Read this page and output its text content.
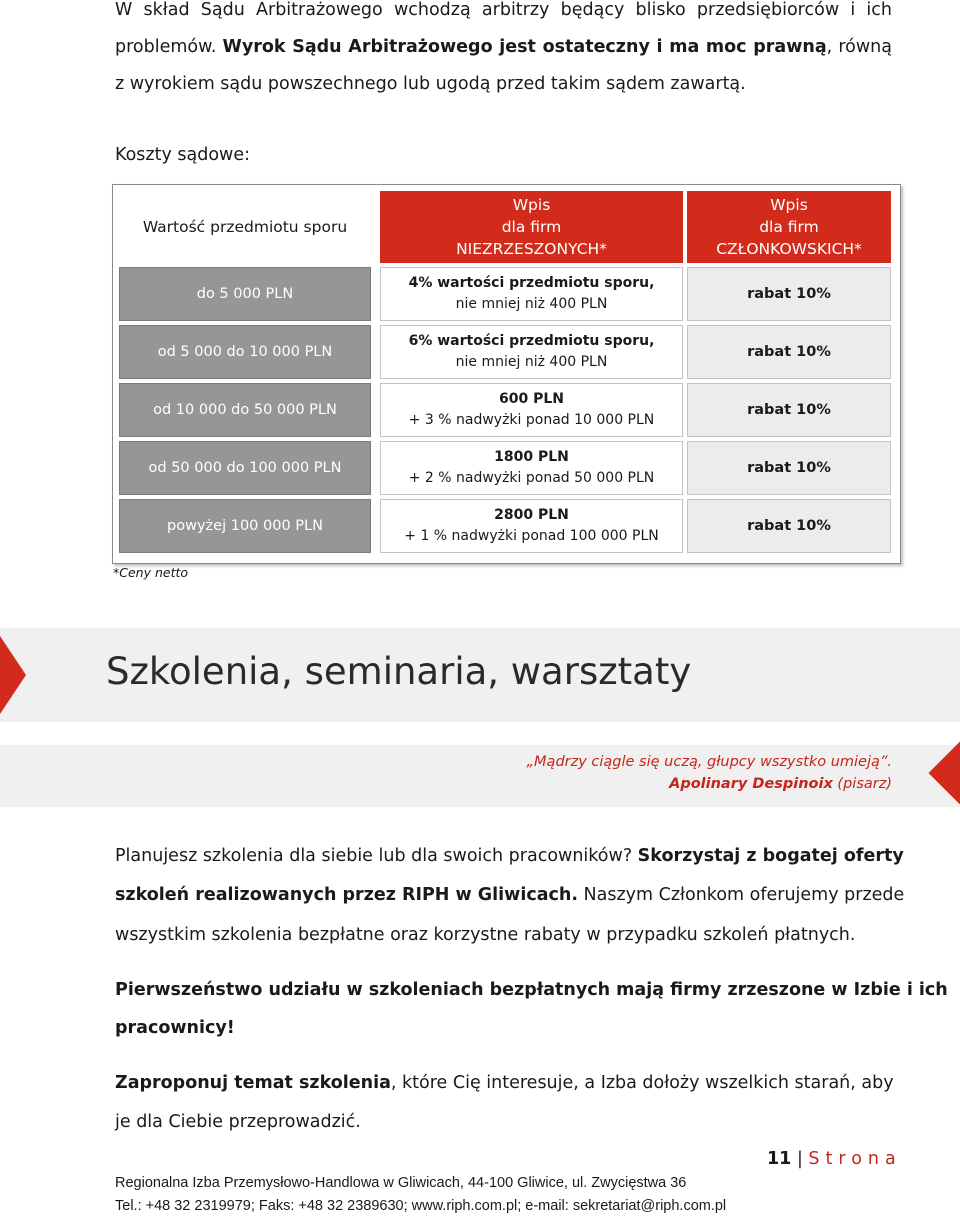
W skład Sądu Arbitrażowego wchodzą arbitrzy będący blisko przedsiębiorców i ich

problemów. Wyrok Sądu Arbitrażowego jest ostateczny i ma moc prawną, równą

z wyrokiem sądu powszechnego lub ugodą przed takim sądem zawartą.

Koszty sądowe:
Wartość przedmiotu sporu
Wpis
dla firm
NIEZRZESZONYCH*
Wpis
dla firm
CZŁONKOWSKICH*
do 5 000 PLN
4% wartości przedmiotu sporu,
nie mniej niż 400 PLN
rabat 10%
od 5 000 do 10 000 PLN
6% wartości przedmiotu sporu,
nie mniej niż 400 PLN
rabat 10%
od 10 000 do 50 000 PLN
600 PLN
+ 3 % nadwyżki ponad 10 000 PLN
rabat 10%
od 50 000 do 100 000 PLN
1800 PLN
+ 2 % nadwyżki ponad 50 000 PLN
rabat 10%
powyżej 100 000 PLN
2800 PLN
+ 1 % nadwyżki ponad 100 000 PLN
rabat 10%
*Ceny netto
Szkolenia, seminaria, warsztaty
„Mądrzy ciągle się uczą, głupcy wszystko umieją”.
Apolinary Despinoix (pisarz)

Planujesz szkolenia dla siebie lub dla swoich pracowników? Skorzystaj z bogatej oferty

szkoleń realizowanych przez RIPH w Gliwicach. Naszym Członkom oferujemy przede

wszystkim szkolenia bezpłatne oraz korzystne rabaty w przypadku szkoleń płatnych.

Pierwszeństwo udziału w szkoleniach bezpłatnych mają firmy zrzeszone w Izbie i ich

pracownicy!

Zaproponuj temat szkolenia, które Cię interesuje, a Izba dołoży wszelkich starań, aby

je dla Ciebie przeprowadzić.

11 | Strona
Regionalna Izba Przemysłowo-Handlowa w Gliwicach, 44-100 Gliwice, ul. Zwycięstwa 36
Tel.: +48 32 2319979; Faks: +48 32 2389630; www.riph.com.pl; e-mail: sekretariat@riph.com.pl
